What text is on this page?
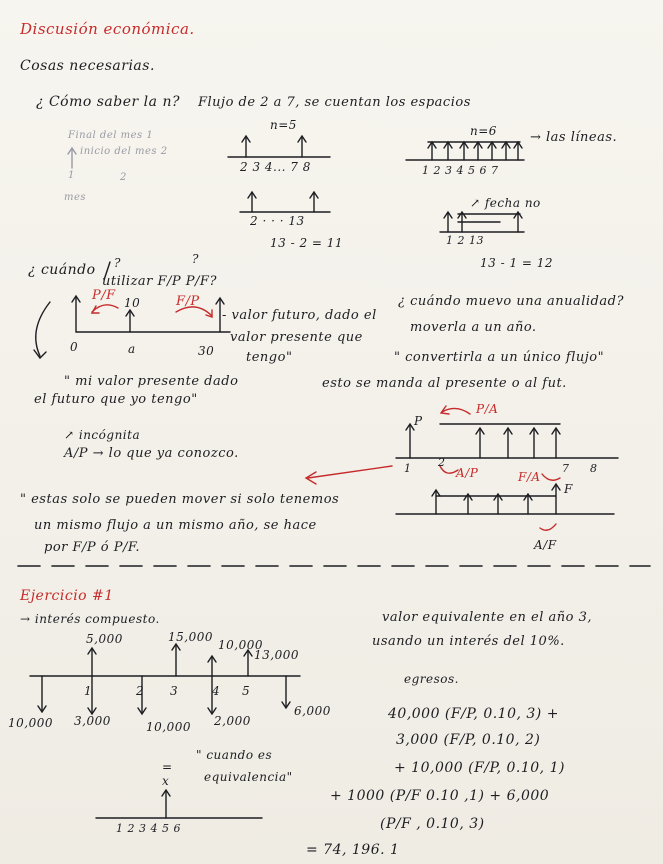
Discusión económica.
Cosas necesarias.
¿ Cómo saber la n? Flujo de 2 a 7, se cuentan los espacios
Final del mes 1
inicio del mes 2
1	2
mes
n=5
2 3 4... 7 8
2 · · · 13
13 - 2 = 11
n=6	→ las líneas.
1 2 3 4 5 6 7
↗ fecha no
1 2 13
13 - 1 = 12
¿ cuándo
utilizar F/P P/F?
?	?
P/F 10	F/P
0	a	30
- valor futuro, dado el
valor presente que
tengo"
" mi valor presente dado
el futuro que yo tengo"
↗ incógnita
A/P → lo que ya conozco.
" estas solo se pueden mover si solo tenemos
un mismo flujo a un mismo año, se hace
por F/P ó P/F.
¿ cuándo muevo una anualidad?
moverla a un año.
" convertirla a un único flujo"
esto se manda al presente o al fut.
P/A
P
1 2	7 8
A/P	F/A
F
A/F
Ejercicio #1
→ interés compuesto.
5,000	15,000
10,000
13,000
3	4 5
1	2
10,000 3,000	10,000 2,000
6,000
valor equivalente en el año 3,
usando un interés del 10%.
egresos.
40,000 (F/P, 0.10, 3) +
3,000 (F/P, 0.10, 2)
+ 10,000 (F/P, 0.10, 1)
+ 1000 (P/F 0.10 ,1) + 6,000
(P/F , 0.10, 3)
= 74, 196. 1
" cuando es
equivalencia"
=
x
1 2 3 4 5 6
